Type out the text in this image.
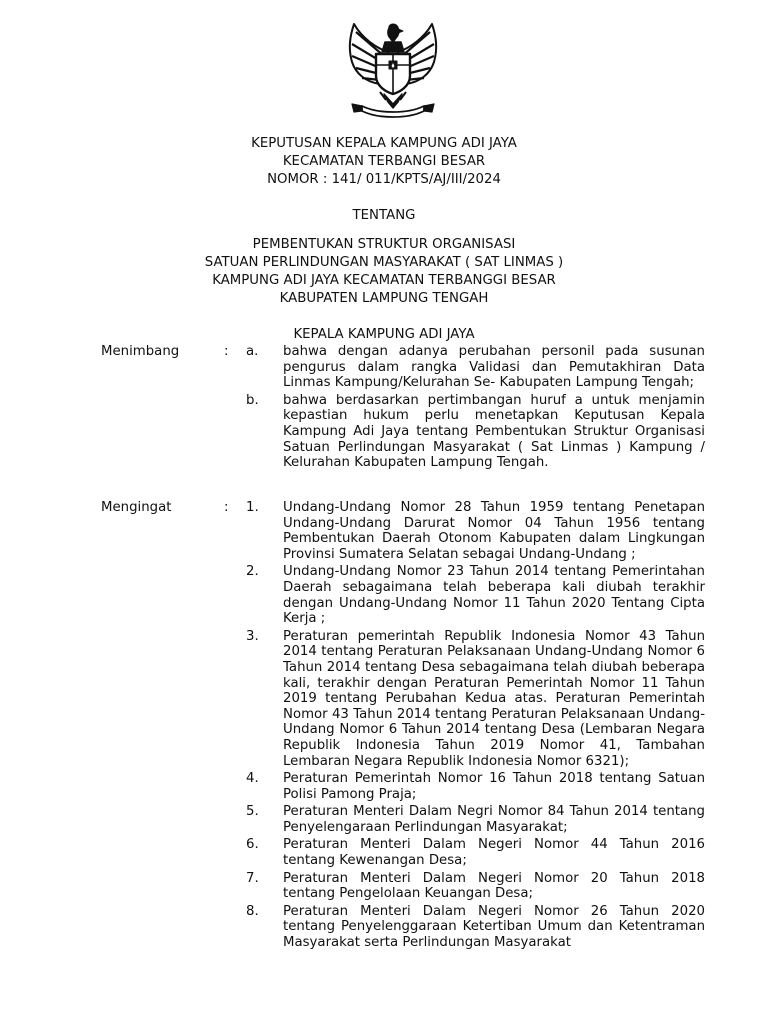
KEPUTUSAN KEPALA KAMPUNG ADI JAYA
KECAMATAN TERBANGI BESAR
NOMOR : 141/ 011/KPTS/AJ/III/2024
TENTANG
PEMBENTUKAN STRUKTUR ORGANISASI
SATUAN PERLINDUNGAN MASYARAKAT ( SAT LINMAS )
KAMPUNG ADI JAYA KECAMATAN TERBANGGI BESAR
KABUPATEN LAMPUNG TENGAH
KEPALA KAMPUNG ADI JAYA
Menimbang	: a. bahwa dengan adanya perubahan personil pada susunan pengurus dalam rangka Validasi dan Pemutakhiran Data Linmas Kampung/Kelurahan Se- Kabupaten Lampung Tengah;
b. bahwa berdasarkan pertimbangan huruf a untuk menjamin kepastian hukum perlu menetapkan Keputusan Kepala Kampung Adi Jaya tentang Pembentukan Struktur Organisasi Satuan Perlindungan Masyarakat ( Sat Linmas ) Kampung / Kelurahan Kabupaten Lampung Tengah.
Mengingat	: 1. Undang-Undang Nomor 28 Tahun 1959 tentang Penetapan Undang-Undang Darurat Nomor 04 Tahun 1956 tentang Pembentukan Daerah Otonom Kabupaten dalam Lingkungan Provinsi Sumatera Selatan sebagai Undang-Undang ;
2. Undang-Undang Nomor 23 Tahun 2014 tentang Pemerintahan Daerah sebagaimana telah beberapa kali diubah terakhir dengan Undang-Undang Nomor 11 Tahun 2020 Tentang Cipta Kerja ;
3. Peraturan pemerintah Republik Indonesia Nomor 43 Tahun 2014 tentang Peraturan Pelaksanaan Undang-Undang Nomor 6 Tahun 2014 tentang Desa sebagaimana telah diubah beberapa kali, terakhir dengan Peraturan Pemerintah Nomor 11 Tahun 2019 tentang Perubahan Kedua atas. Peraturan Pemerintah Nomor 43 Tahun 2014 tentang Peraturan Pelaksanaan Undang-Undang Nomor 6 Tahun 2014 tentang Desa (Lembaran Negara Republik Indonesia Tahun 2019 Nomor 41, Tambahan Lembaran Negara Republik Indonesia Nomor 6321);
4. Peraturan Pemerintah Nomor 16 Tahun 2018 tentang Satuan Polisi Pamong Praja;
5. Peraturan Menteri Dalam Negri Nomor 84 Tahun 2014 tentang Penyelengaraan Perlindungan Masyarakat;
6. Peraturan Menteri Dalam Negeri Nomor 44 Tahun 2016 tentang Kewenangan Desa;
7. Peraturan Menteri Dalam Negeri Nomor 20 Tahun 2018 tentang Pengelolaan Keuangan Desa;
8. Peraturan Menteri Dalam Negeri Nomor 26 Tahun 2020 tentang Penyelenggaraan Ketertiban Umum dan Ketentraman Masyarakat serta Perlindungan Masyarakat
